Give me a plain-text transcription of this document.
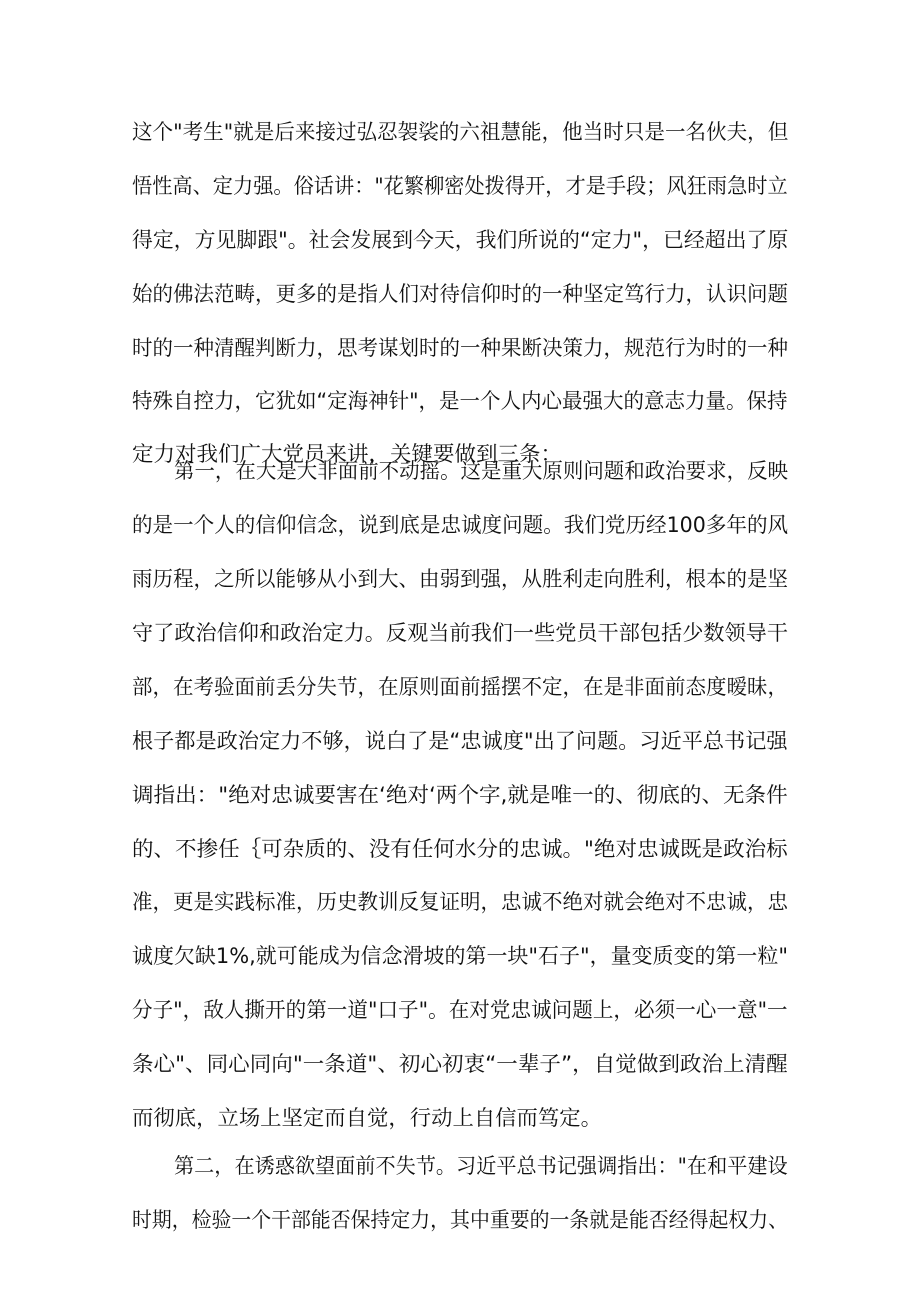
这个"考生"就是后来接过弘忍袈裟的六祖慧能，他当时只是一名伙夫，但
悟性高、定力强。俗话讲："花繁柳密处拨得开，才是手段；风狂雨急时立
得定，方见脚跟"。社会发展到今天，我们所说的“定力"，已经超出了原
始的佛法范畴，更多的是指人们对待信仰时的一种坚定笃行力，认识问题
时的一种清醒判断力，思考谋划时的一种果断决策力，规范行为时的一种
特殊自控力，它犹如“定海神针"，是一个人内心最强大的意志力量。保持
定力对我们广大党员来讲，关键要做到三条：
第一，在大是大非面前不动摇。这是重大原则问题和政治要求，反映
的是一个人的信仰信念，说到底是忠诚度问题。我们党历经100多年的风
雨历程，之所以能够从小到大、由弱到强，从胜利走向胜利，根本的是坚
守了政治信仰和政治定力。反观当前我们一些党员干部包括少数领导干
部，在考验面前丢分失节，在原则面前摇摆不定，在是非面前态度暧昧，
根子都是政治定力不够，说白了是“忠诚度"出了问题。习近平总书记强
调指出："绝对忠诚要害在‘绝对‘两个字,就是唯一的、彻底的、无条件
的、不掺任｛可杂质的、没有任何水分的忠诚。"绝对忠诚既是政治标
准，更是实践标准，历史教训反复证明，忠诚不绝对就会绝对不忠诚，忠
诚度欠缺1%,就可能成为信念滑坡的第一块"石子"，量变质变的第一粒"
分子"，敌人撕开的第一道"口子"。在对党忠诚问题上，必须一心一意"一
条心"、同心同向"一条道"、初心初衷“一辈子”，自觉做到政治上清醒
而彻底，立场上坚定而自觉，行动上自信而笃定。
第二，在诱惑欲望面前不失节。习近平总书记强调指出："在和平建设
时期，检验一个干部能否保持定力，其中重要的一条就是能否经得起权力、
